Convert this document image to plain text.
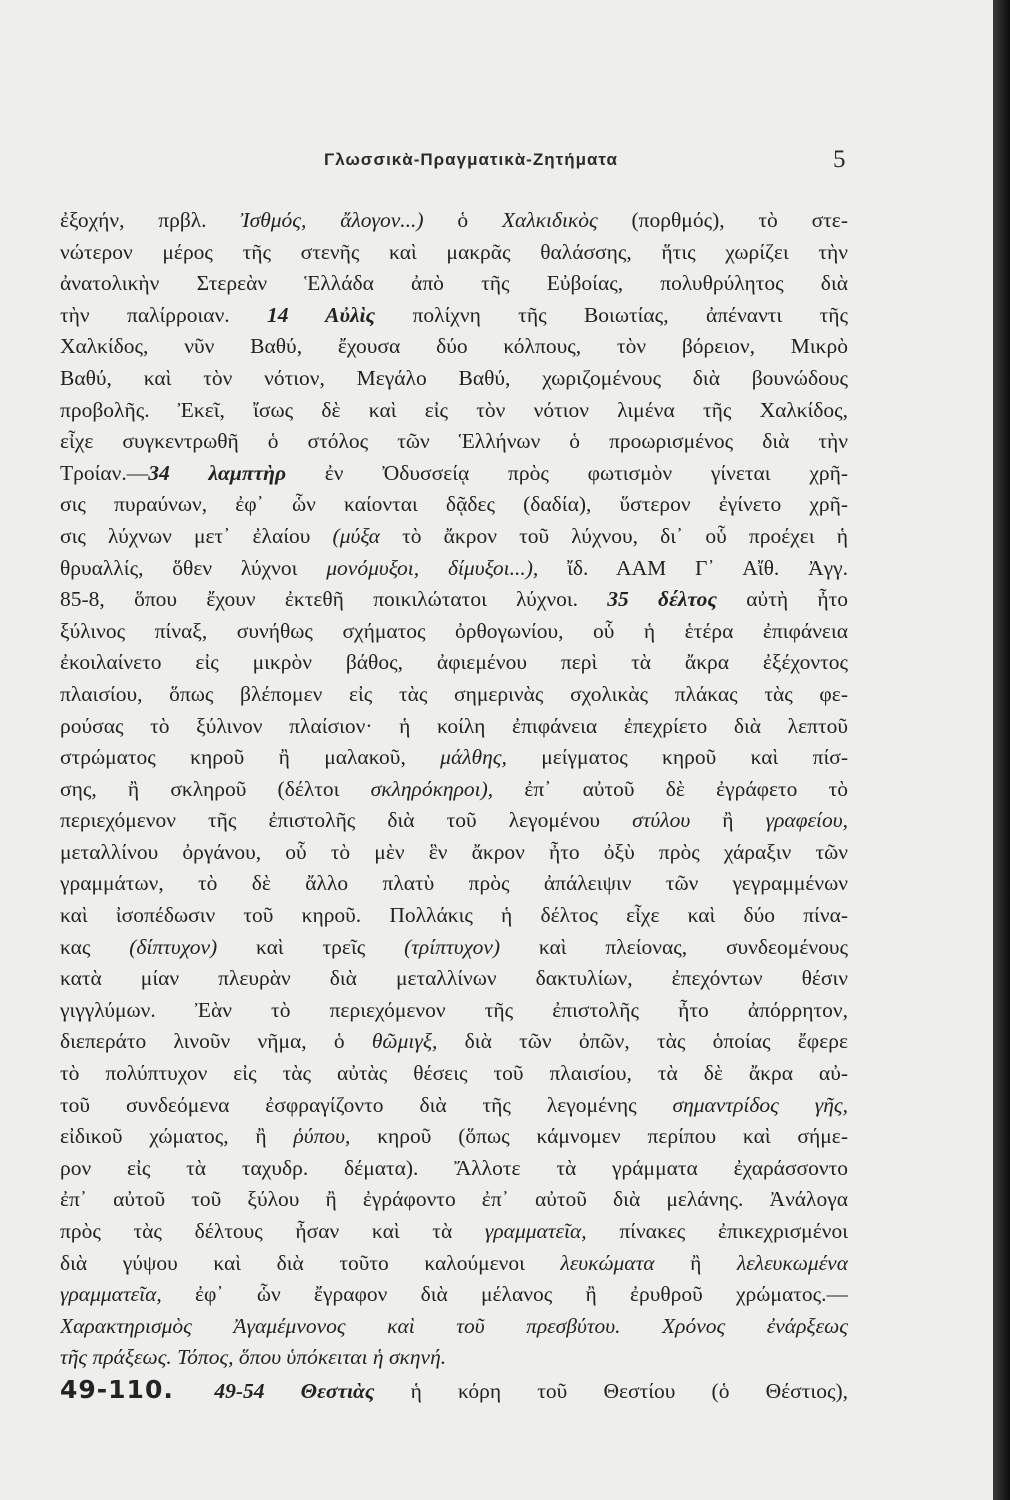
Γλωσσικὰ-Πραγματικὰ-Ζητήματα	5
ἐξοχήν, πρβλ. Ἰσθμός, ἄλογον...) ὁ Χαλκιδικὸς (πορθμός), τὸ στε-
νώτερον μέρος τῆς στενῆς καὶ μακρᾶς θαλάσσης, ἥτις χωρίζει τὴν
ἀνατολικὴν Στερεὰν Ἑλλάδα ἀπὸ τῆς Εὐβοίας, πολυθρύλητος διὰ
τὴν παλίρροιαν. 14 Αὐλὶς πολίχνη τῆς Βοιωτίας, ἀπέναντι τῆς
Χαλκίδος, νῦν Βαθύ, ἔχουσα δύο κόλπους, τὸν βόρειον, Μικρὸ
Βαθύ, καὶ τὸν νότιον, Μεγάλο Βαθύ, χωριζομένους διὰ βουνώδους
προβολῆς. Ἐκεῖ, ἴσως δὲ καὶ εἰς τὸν νότιον λιμένα τῆς Χαλκίδος,
εἶχε συγκεντρωθῆ ὁ στόλος τῶν Ἑλλήνων ὁ προωρισμένος διὰ τὴν
Τροίαν.—34 λαμπτὴρ ἐν Ὀδυσσείᾳ πρὸς φωτισμὸν γίνεται χρῆ-
σις πυραύνων, ἐφ᾽ ὧν καίονται δᾷδες (δαδία), ὕστερον ἐγίνετο χρῆ-
σις λύχνων μετ᾽ ἐλαίου (μύξα τὸ ἄκρον τοῦ λύχνου, δι᾽ οὗ προέχει ἡ
θρυαλλίς, ὅθεν λύχνοι μονόμυξοι, δίμυξοι...), ἴδ. ΑΑΜ Γ᾽ Αἴθ. Ἀγγ.
85-8, ὅπου ἔχουν ἐκτεθῆ ποικιλώτατοι λύχνοι. 35 δέλτος αὐτὴ ἦτο
ξύλινος πίναξ, συνήθως σχήματος ὀρθογωνίου, οὗ ἡ ἑτέρα ἐπιφάνεια
ἐκοιλαίνετο εἰς μικρὸν βάθος, ἀφιεμένου περὶ τὰ ἄκρα ἐξέχοντος
πλαισίου, ὅπως βλέπομεν εἰς τὰς σημερινὰς σχολικὰς πλάκας τὰς φε-
ρούσας τὸ ξύλινον πλαίσιον· ἡ κοίλη ἐπιφάνεια ἐπεχρίετο διὰ λεπτοῦ
στρώματος κηροῦ ἢ μαλακοῦ, μάλθης, μείγματος κηροῦ καὶ πίσ-
σης, ἢ σκληροῦ (δέλτοι σκληρόκηροι), ἐπ᾽ αὐτοῦ δὲ ἐγράφετο τὸ
περιεχόμενον τῆς ἐπιστολῆς διὰ τοῦ λεγομένου στύλου ἢ γραφείου,
μεταλλίνου ὀργάνου, οὗ τὸ μὲν ἓν ἄκρον ἦτο ὀξὺ πρὸς χάραξιν τῶν
γραμμάτων, τὸ δὲ ἄλλο πλατὺ πρὸς ἀπάλειψιν τῶν γεγραμμένων
καὶ ἰσοπέδωσιν τοῦ κηροῦ. Πολλάκις ἡ δέλτος εἶχε καὶ δύο πίνα-
κας (δίπτυχον) καὶ τρεῖς (τρίπτυχον) καὶ πλείονας, συνδεομένους
κατὰ μίαν πλευρὰν διὰ μεταλλίνων δακτυλίων, ἐπεχόντων θέσιν
γιγγλύμων. Ἐὰν τὸ περιεχόμενον τῆς ἐπιστολῆς ἦτο ἀπόρρητον,
διεπεράτο λινοῦν νῆμα, ὁ θῶμιγξ, διὰ τῶν ὀπῶν, τὰς ὁποίας ἔφερε
τὸ πολύπτυχον εἰς τὰς αὐτὰς θέσεις τοῦ πλαισίου, τὰ δὲ ἄκρα αὐ-
τοῦ συνδεόμενα ἐσφραγίζοντο διὰ τῆς λεγομένης σημαντρίδος γῆς,
εἰδικοῦ χώματος, ἢ ῥύπου, κηροῦ (ὅπως κάμνομεν περίπου καὶ σήμε-
ρον εἰς τὰ ταχυδρ. δέματα). Ἄλλοτε τὰ γράμματα ἐχαράσσοντο
ἐπ᾽ αὐτοῦ τοῦ ξύλου ἢ ἐγράφοντο ἐπ᾽ αὐτοῦ διὰ μελάνης. Ἀνάλογα
πρὸς τὰς δέλτους ἦσαν καὶ τὰ γραμματεῖα, πίνακες ἐπικεχρισμένοι
διὰ γύψου καὶ διὰ τοῦτο καλούμενοι λευκώματα ἢ λελευκωμένα
γραμματεῖα, ἐφ᾽ ὧν ἔγραφον διὰ μέλανος ἢ ἐρυθροῦ χρώματος.—
Χαρακτηρισμὸς Ἀγαμέμνονος καὶ τοῦ πρεσβύτου. Χρόνος ἐνάρξεως
τῆς πράξεως. Τόπος, ὅπου ὑπόκειται ἡ σκηνή.
49-110. 49-54 Θεστιὰς ἡ κόρη τοῦ Θεστίου (ὁ Θέστιος),
